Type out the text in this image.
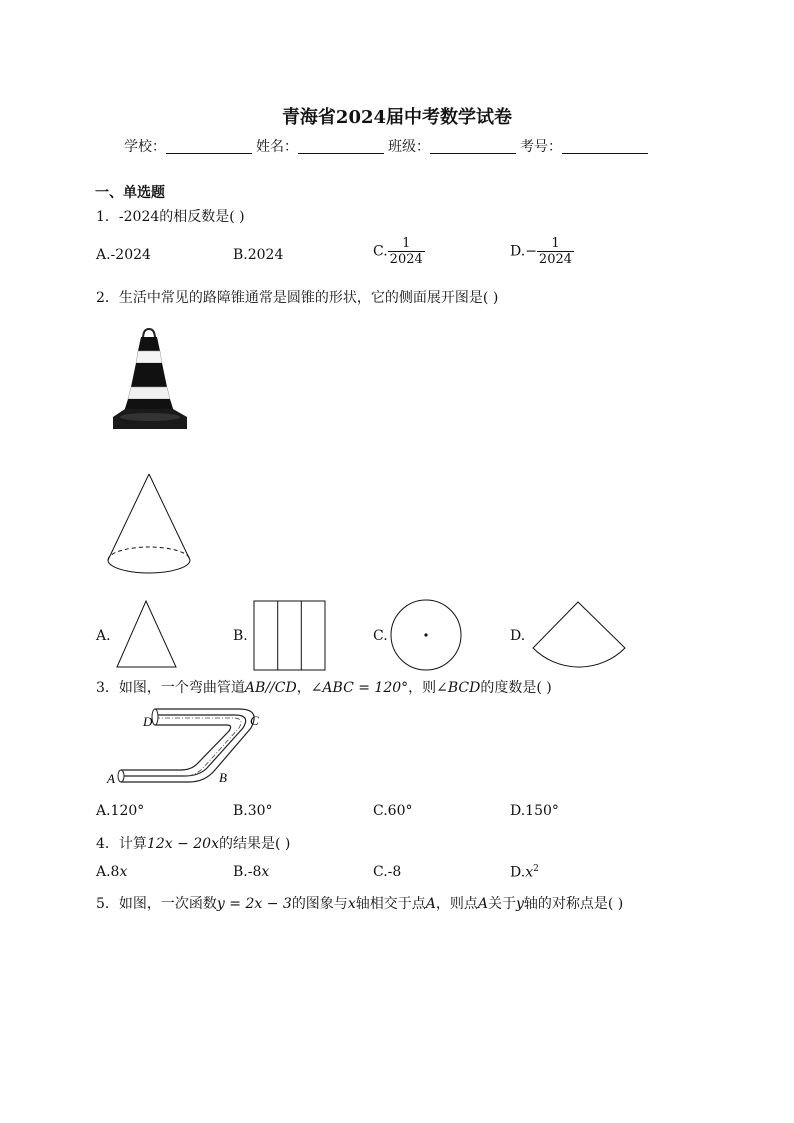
青海省2024届中考数学试卷
学校：	姓名：	班级：	考号：
一、单选题
1．-2024的相反数是( )
A.-2024	B.2024	C. $\frac{1}{2024}$	$D.- \frac{1}{2024}$
2．生活中常见的路障锥通常是圆锥的形状，它的侧面展开图是( )
A.	B.	C.	D.
3．如图，一个弯曲管道AB//CD，∠ABC = 120°，则∠BCD的度数是( )
D	C
A	B
A.120°	B.30°	C.60°	D.150°
4．计算12x − 20x的结果是( )
A.8x	B.-8x	C.-8	$D.x^2$
5．如图，一次函数y = 2x − 3的图象与x轴相交于点A，则点A关于y轴的对称点是( )
